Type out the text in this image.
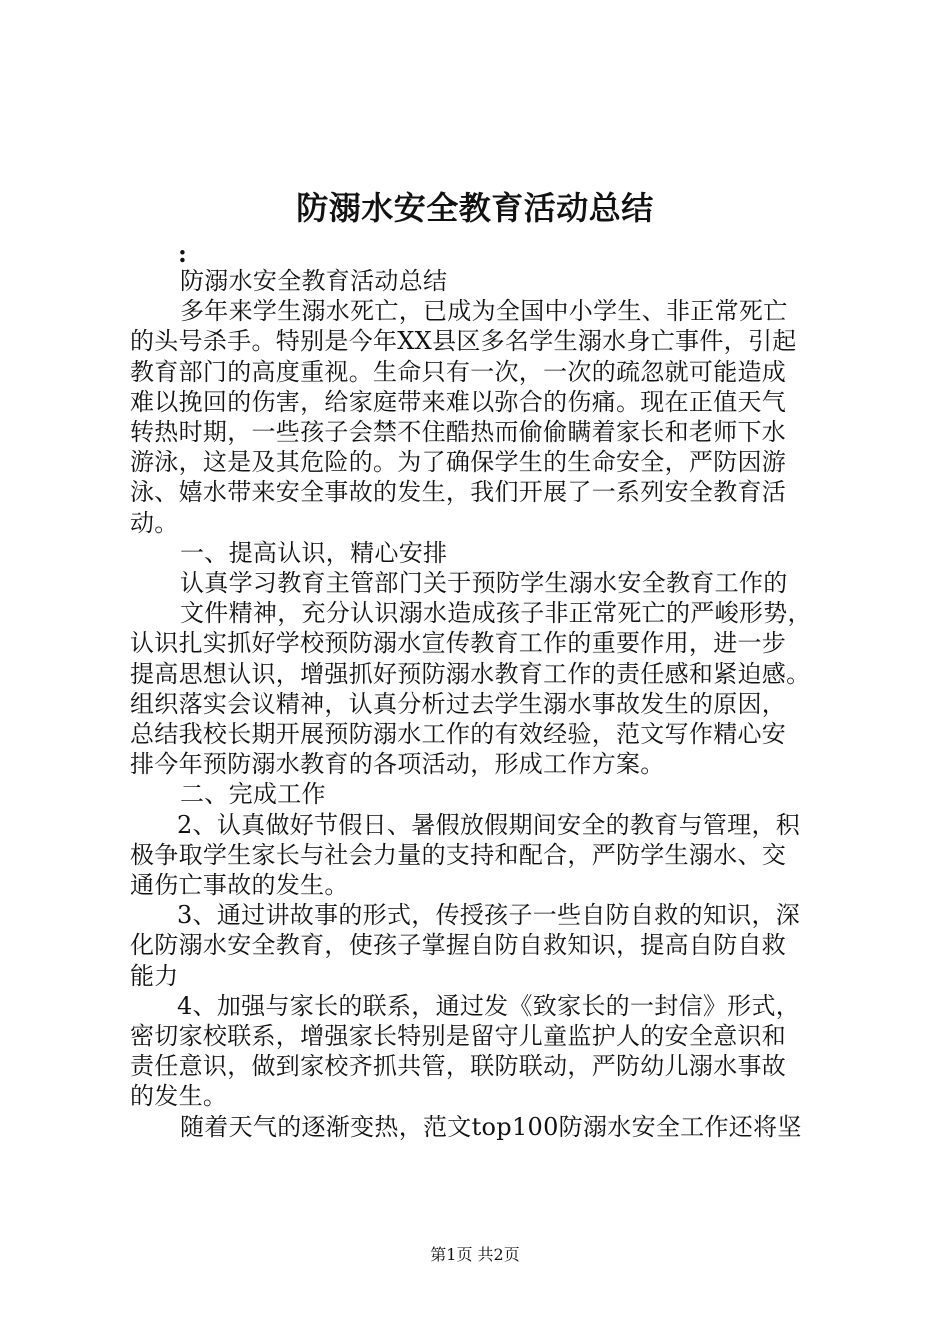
防溺水安全教育活动总结
:

防溺水安全教育活动总结

多年来学生溺水死亡，已成为全国中小学生、非正常死亡

的头号杀手。特别是今年XX县区多名学生溺水身亡事件，引起

教育部门的高度重视。生命只有一次，一次的疏忽就可能造成

难以挽回的伤害，给家庭带来难以弥合的伤痛。现在正值天气

转热时期，一些孩子会禁不住酷热而偷偷瞒着家长和老师下水

游泳，这是及其危险的。为了确保学生的生命安全，严防因游

泳、嬉水带来安全事故的发生，我们开展了一系列安全教育活

动。

一、提高认识，精心安排

认真学习教育主管部门关于预防学生溺水安全教育工作的

文件精神，充分认识溺水造成孩子非正常死亡的严峻形势，

认识扎实抓好学校预防溺水宣传教育工作的重要作用，进一步

提高思想认识，增强抓好预防溺水教育工作的责任感和紧迫感。

组织落实会议精神，认真分析过去学生溺水事故发生的原因，

总结我校长期开展预防溺水工作的有效经验，范文写作精心安

排今年预防溺水教育的各项活动，形成工作方案。

二、完成工作

2、认真做好节假日、暑假放假期间安全的教育与管理，积

极争取学生家长与社会力量的支持和配合，严防学生溺水、交

通伤亡事故的发生。

3、通过讲故事的形式，传授孩子一些自防自救的知识，深

化防溺水安全教育，使孩子掌握自防自救知识，提高自防自救

能力

4、加强与家长的联系，通过发《致家长的一封信》形式，

密切家校联系，增强家长特别是留守儿童监护人的安全意识和

责任意识，做到家校齐抓共管，联防联动，严防幼儿溺水事故

的发生。

随着天气的逐渐变热，范文top100防溺水安全工作还将坚

第1页 共2页
